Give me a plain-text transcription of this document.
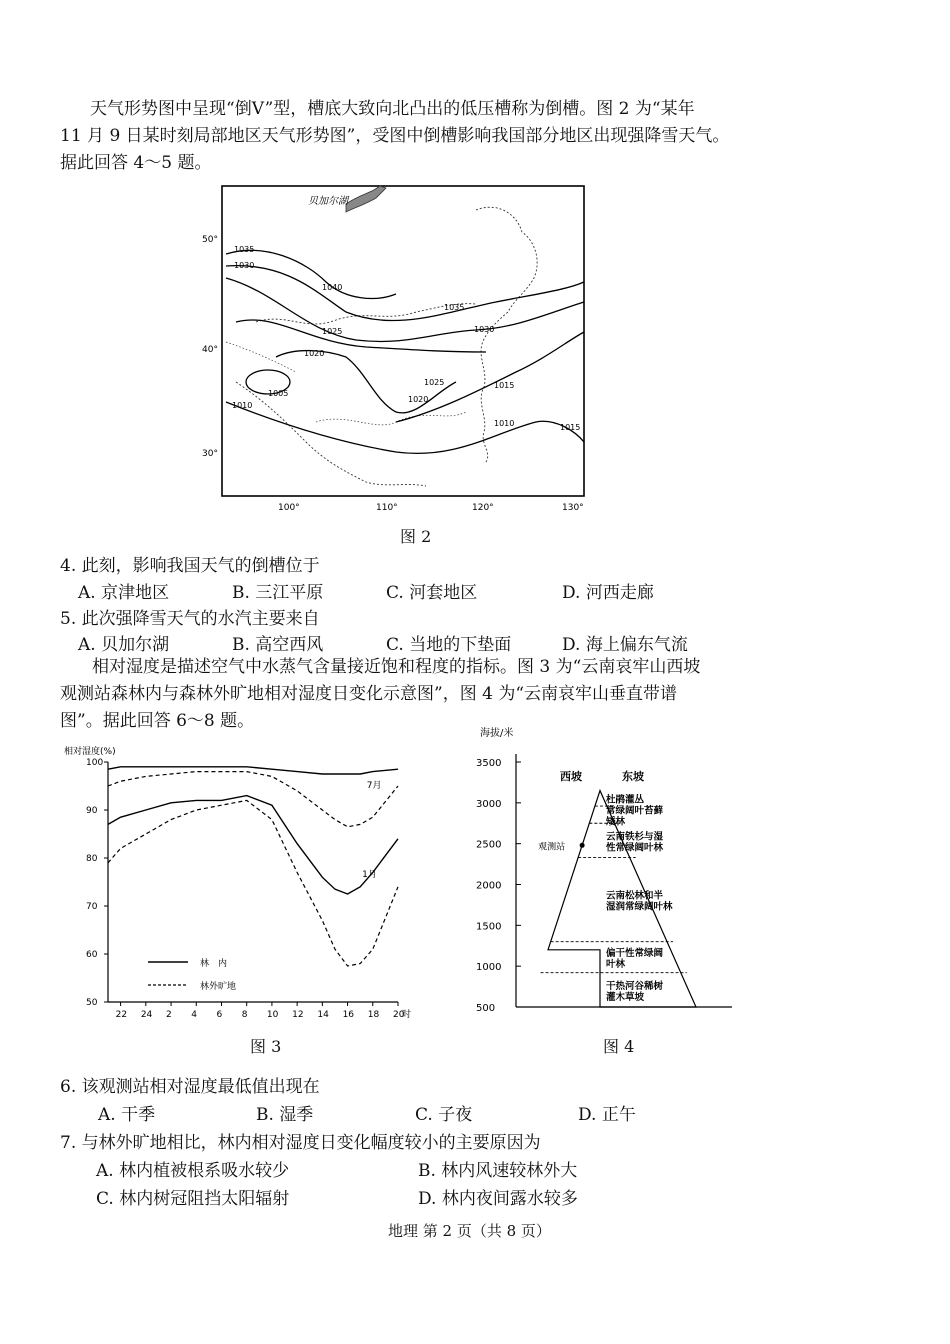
天气形势图中呈现“倒V”型，槽底大致向北凸出的低压槽称为倒槽。图 2 为“某年
11 月 9 日某时刻局部地区天气形势图”，受图中倒槽影响我国部分地区出现强降雪天气。
据此回答 4～5 题。
贝加尔湖
50°
40°
30°
100°	110°	120°	130°
1035
1030
1040
1035
1025
1020
1030
1025
1020
1015
1005
1010
1010	1015
图 2
4. 此刻，影响我国天气的倒槽位于
A. 京津地区	B. 三江平原	C. 河套地区	D. 河西走廊
5. 此次强降雪天气的水汽主要来自
A. 贝加尔湖	B. 高空西风	C. 当地的下垫面	D. 海上偏东气流
相对湿度是描述空气中水蒸气含量接近饱和程度的指标。图 3 为“云南哀牢山西坡
观测站森林内与森林外旷地相对湿度日变化示意图”，图 4 为“云南哀牢山垂直带谱
图”。据此回答 6～8 题。
50
60
70
80
90
100
22 24 2 4 6 8 10 12 14 16 18 20
时
相对湿度(%)
7月
1月
林　内
林外旷地
图 3
海拔/米
500
1000
1500
2000
2500
3000
3500
观测站
西坡	东坡
杜鹃灌丛
常绿阔叶苔藓
矮林
云南铁杉与湿
性常绿阔叶林
云南松林和半
湿润常绿阔叶林
偏干性常绿阔
叶林
干热河谷稀树
灌木草坡
图 4
6. 该观测站相对湿度最低值出现在
A. 干季	B. 湿季	C. 子夜	D. 正午
7. 与林外旷地相比，林内相对湿度日变化幅度较小的主要原因为
A. 林内植被根系吸水较少	B. 林内风速较林外大
C. 林内树冠阻挡太阳辐射	D. 林内夜间露水较多
地理 第 2 页（共 8 页）
